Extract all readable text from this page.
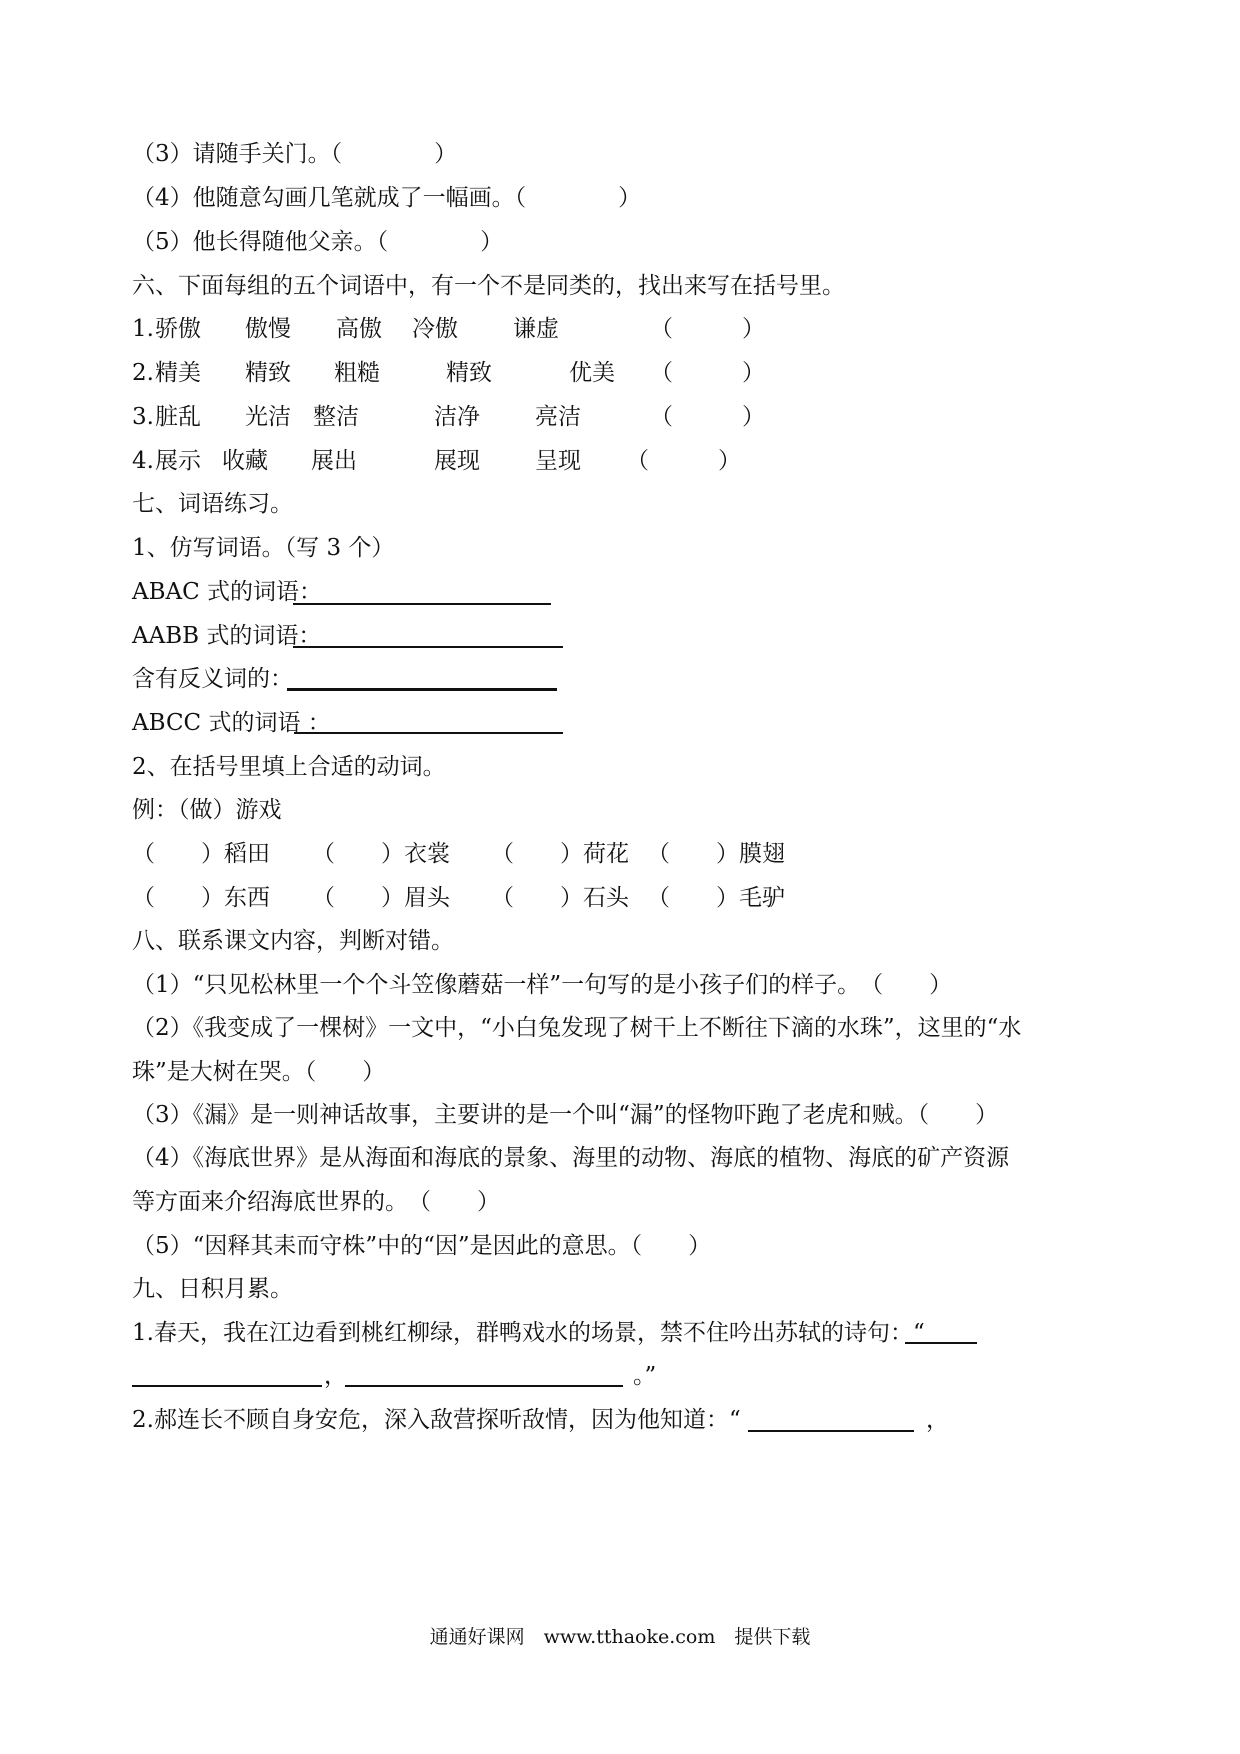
（3）请随手关门。（　　　　）
（4）他随意勾画几笔就成了一幅画。（　　　　）
（5）他长得随他父亲。（　　　　）
六、下面每组的五个词语中，有一个不是同类的，找出来写在括号里。
1. 骄傲 傲慢 高傲 冷傲 谦虚	（　　　）
2. 精美 精致 粗糙	精致	优美 （　　　）
3. 脏乱 光洁 整洁	洁净 亮洁	（　　　）
4. 展示 收藏 展出	展现 呈现 （　　　）
七、词语练习。
1、仿写词语。（写 3 个）
ABAC 式的词语：
AABB 式的词语：
含有反义词的：
ABCC 式的词语 ：
2、在括号里填上合适的动词。
例：（做）游戏
（　　）稻田 （　　）衣裳 （　　）荷花 （　　）膜翅
（　　）东西 （　　）眉头 （　　）石头 （　　）毛驴
八、联系课文内容，判断对错。
（1）“只见松林里一个个斗笠像蘑菇一样”一句写的是小孩子们的样子。　（　　）
（2）《我变成了一棵树》一文中，“小白兔发现了树干上不断往下滴的水珠”，这里的“水
珠”是大树在哭。（　　）
（3）《漏》是一则神话故事，主要讲的是一个叫“漏”的怪物吓跑了老虎和贼。（　　）
（4）《海底世界》是从海面和海底的景象、海里的动物、海底的植物、海底的矿产资源
等方面来介绍海底世界的。　（　　）
（5）“因释其耒而守株”中的“因”是因此的意思。（　　）
九、日积月累。
1.春天，我在江边看到桃红柳绿，群鸭戏水的场景，禁不住吟出苏轼的诗句：“
，	。”
2.郝连长不顾自身安危，深入敌营探听敌情，因为他知道：“	，
通通好课网　www.tthaoke.com　提供下载
